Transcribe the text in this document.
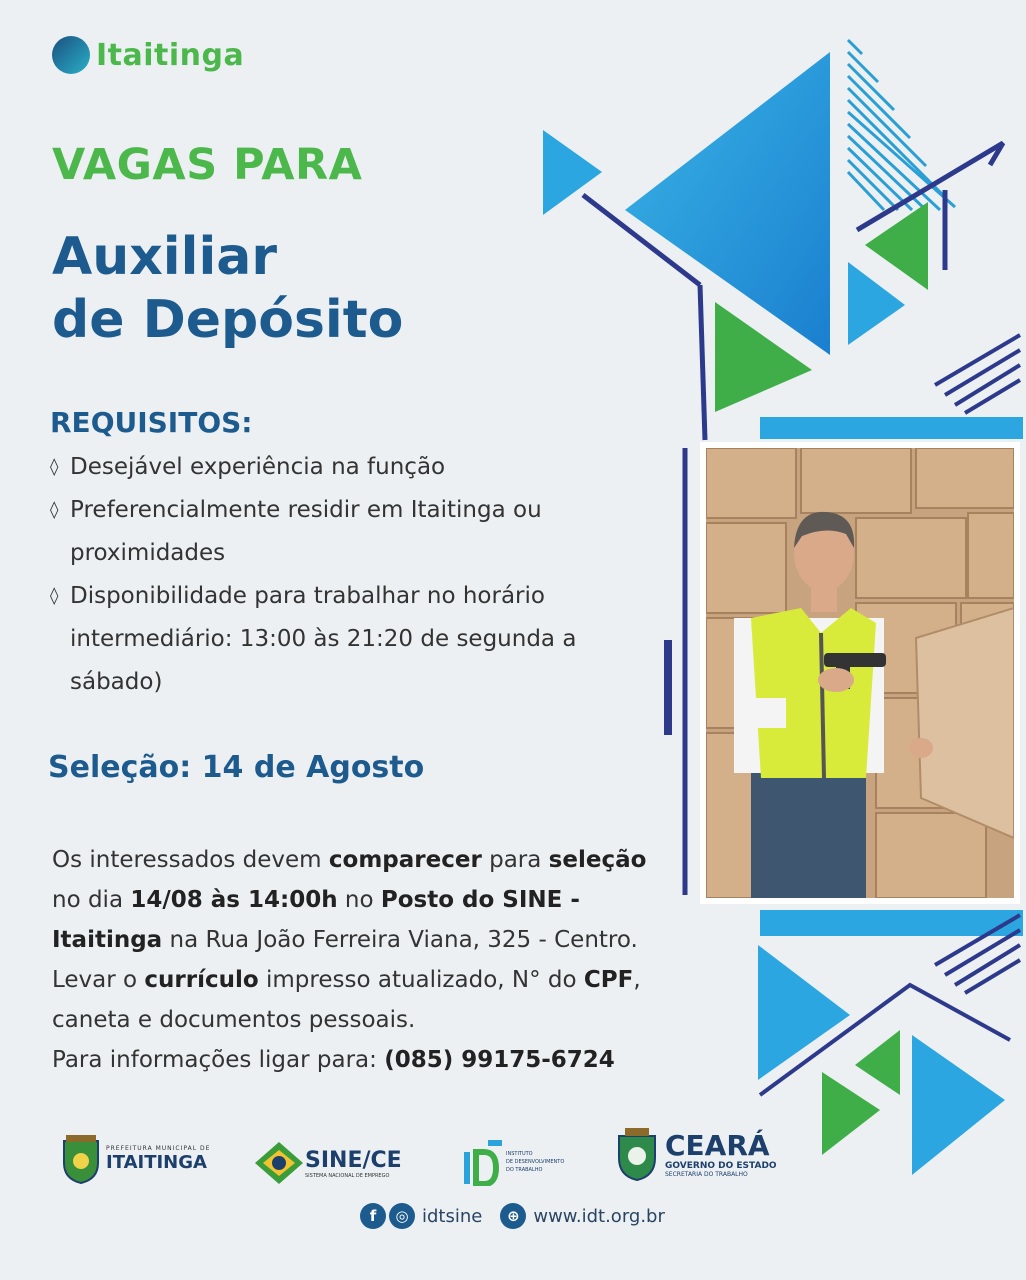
Itaitinga
VAGAS PARA
Auxiliar
de Depósito
REQUISITOS:
◊ Desejável experiência na função
◊ Preferencialmente residir em Itaitinga ou proximidades
◊ Disponibilidade para trabalhar no horário intermediário: 13:00 às 21:20 de segunda a sábado)
Seleção: 14 de Agosto

Os interessados devem comparecer para seleção

no dia 14/08 às 14:00h no Posto do SINE -

Itaitinga na Rua João Ferreira Viana, 325 - Centro.

Levar o currículo impresso atualizado, N° do CPF,

caneta e documentos pessoais.

Para informações ligar para: (085) 99175-6724

PREFEITURA MUNICIPAL DE
ITAITINGA	SINE/CE
SISTEMA NACIONAL DE EMPREGO
INSTITUTO
DE DESENVOLVIMENTO
DO TRABALHO
CEARÁ
GOVERNO DO ESTADO
SECRETARIA DO TRABALHO
f	◎ idtsine	⊕ www.idt.org.br
